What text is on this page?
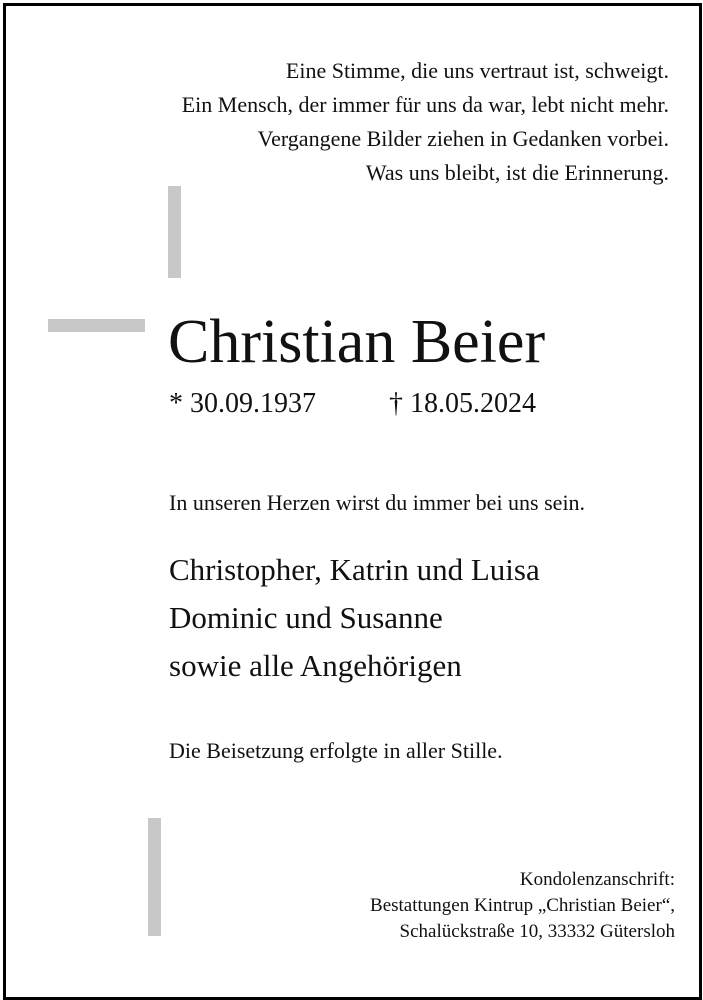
Eine Stimme, die uns vertraut ist, schweigt.
Ein Mensch, der immer für uns da war, lebt nicht mehr.
Vergangene Bilder ziehen in Gedanken vorbei.
Was uns bleibt, ist die Erinnerung.
Christian Beier
* 30.09.1937	† 18.05.2024
In unseren Herzen wirst du immer bei uns sein.
Christopher, Katrin und Luisa
Dominic und Susanne
sowie alle Angehörigen
Die Beisetzung erfolgte in aller Stille.
Kondolenzanschrift:
Bestattungen Kintrup „Christian Beier“,
Schalückstraße 10, 33332 Gütersloh
